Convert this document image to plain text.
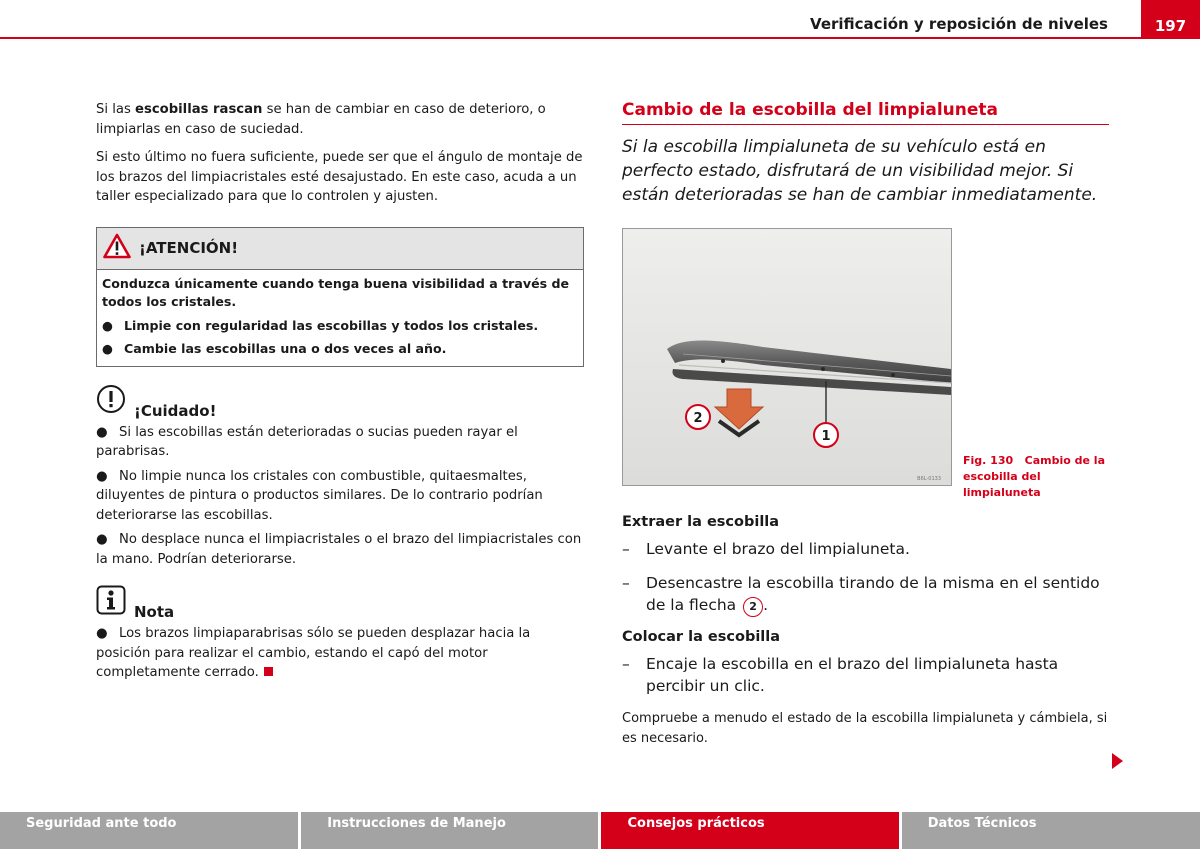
Verificación y reposición de niveles	197

Si las escobillas rascan se han de cambiar en caso de deterioro, o limpiarlas en caso de suciedad.

Si esto último no fuera suficiente, puede ser que el ángulo de montaje de los brazos del limpiacristales esté desajustado. En este caso, acuda a un taller especializado para que lo controlen y ajusten.

¡ATENCIÓN!
Conduzca únicamente cuando tenga buena visibilidad a través de todos los cristales.
● Limpie con regularidad las escobillas y todos los cristales.
● Cambie las escobillas una o dos veces al año.
¡Cuidado!
● Si las escobillas están deterioradas o sucias pueden rayar el parabrisas.
● No limpie nunca los cristales con combustible, quitaesmaltes, diluyentes de pintura o productos similares. De lo contrario podrían deteriorarse las escobillas.
● No desplace nunca el limpiacristales o el brazo del limpiacristales con la mano. Podrían deteriorarse.
Nota
● Los brazos limpiaparabrisas sólo se pueden desplazar hacia la posición para realizar el cambio, estando el capó del motor completamente cerrado.
Cambio de la escobilla del limpialuneta

Si la escobilla limpialuneta de su vehículo está en perfecto estado, disfrutará de un visibilidad mejor. Si están deterioradas se han de cambiar inmediatamente.

1
2
B6L-0133
Fig. 130 Cambio de la escobilla del limpialuneta
Extraer la escobilla
–	Levante el brazo del limpialuneta.
–	Desencastre la escobilla tirando de la misma en el sentido de la flecha 2 .
Colocar la escobilla
–	Encaje la escobilla en el brazo del limpialuneta hasta percibir un clic.

Compruebe a menudo el estado de la escobilla limpialuneta y cámbiela, si es necesario.

Seguridad ante todo	Instrucciones de Manejo	Consejos prácticos	Datos Técnicos
